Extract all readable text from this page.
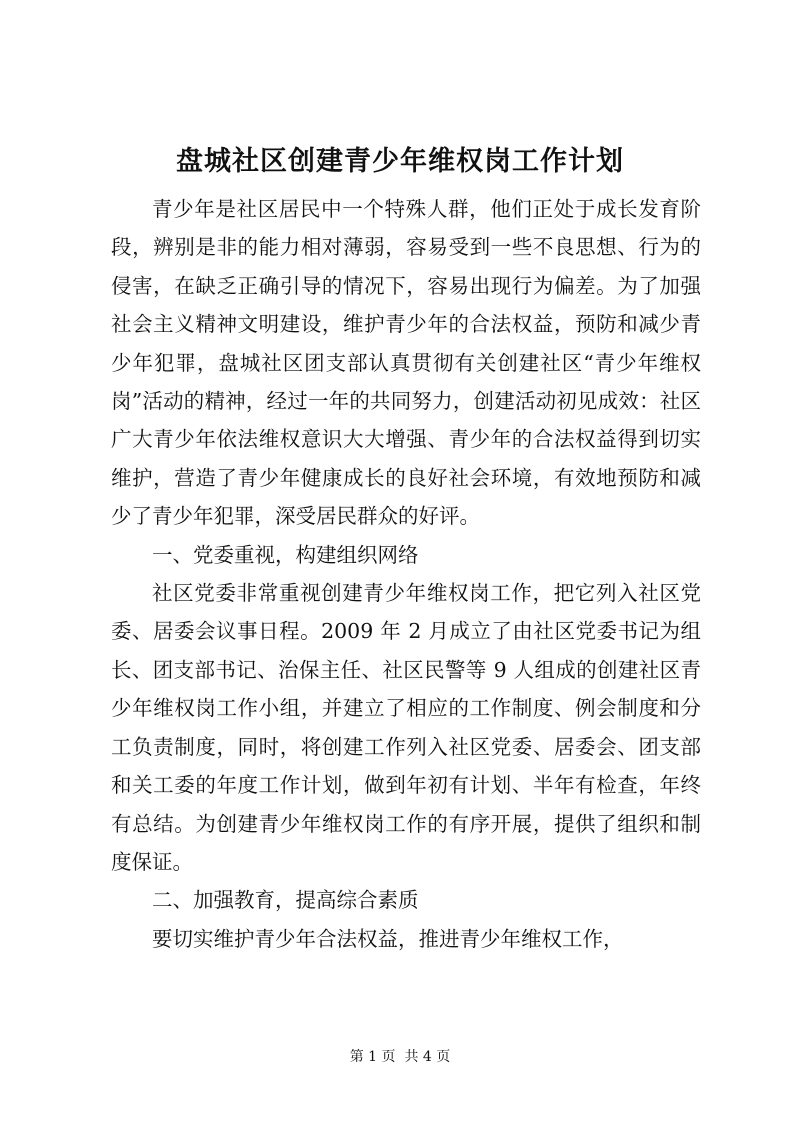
盘城社区创建青少年维权岗工作计划

青少年是社区居民中一个特殊人群，他们正处于成长发育阶段，辨别是非的能力相对薄弱，容易受到一些不良思想、行为的侵害，在缺乏正确引导的情况下，容易出现行为偏差。为了加强社会主义精神文明建设，维护青少年的合法权益，预防和减少青少年犯罪，盘城社区团支部认真贯彻有关创建社区“青少年维权岗”活动的精神，经过一年的共同努力，创建活动初见成效：社区广大青少年依法维权意识大大增强、青少年的合法权益得到切实维护，营造了青少年健康成长的良好社会环境，有效地预防和减少了青少年犯罪，深受居民群众的好评。

一、党委重视，构建组织网络

社区党委非常重视创建青少年维权岗工作，把它列入社区党委、居委会议事日程。2009 年 2 月成立了由社区党委书记为组长、团支部书记、治保主任、社区民警等 9 人组成的创建社区青少年维权岗工作小组，并建立了相应的工作制度、例会制度和分工负责制度，同时，将创建工作列入社区党委、居委会、团支部和关工委的年度工作计划，做到年初有计划、半年有检查，年终有总结。为创建青少年维权岗工作的有序开展，提供了组织和制度保证。

二、加强教育，提高综合素质

要切实维护青少年合法权益，推进青少年维权工作，

第 1 页  共 4 页
